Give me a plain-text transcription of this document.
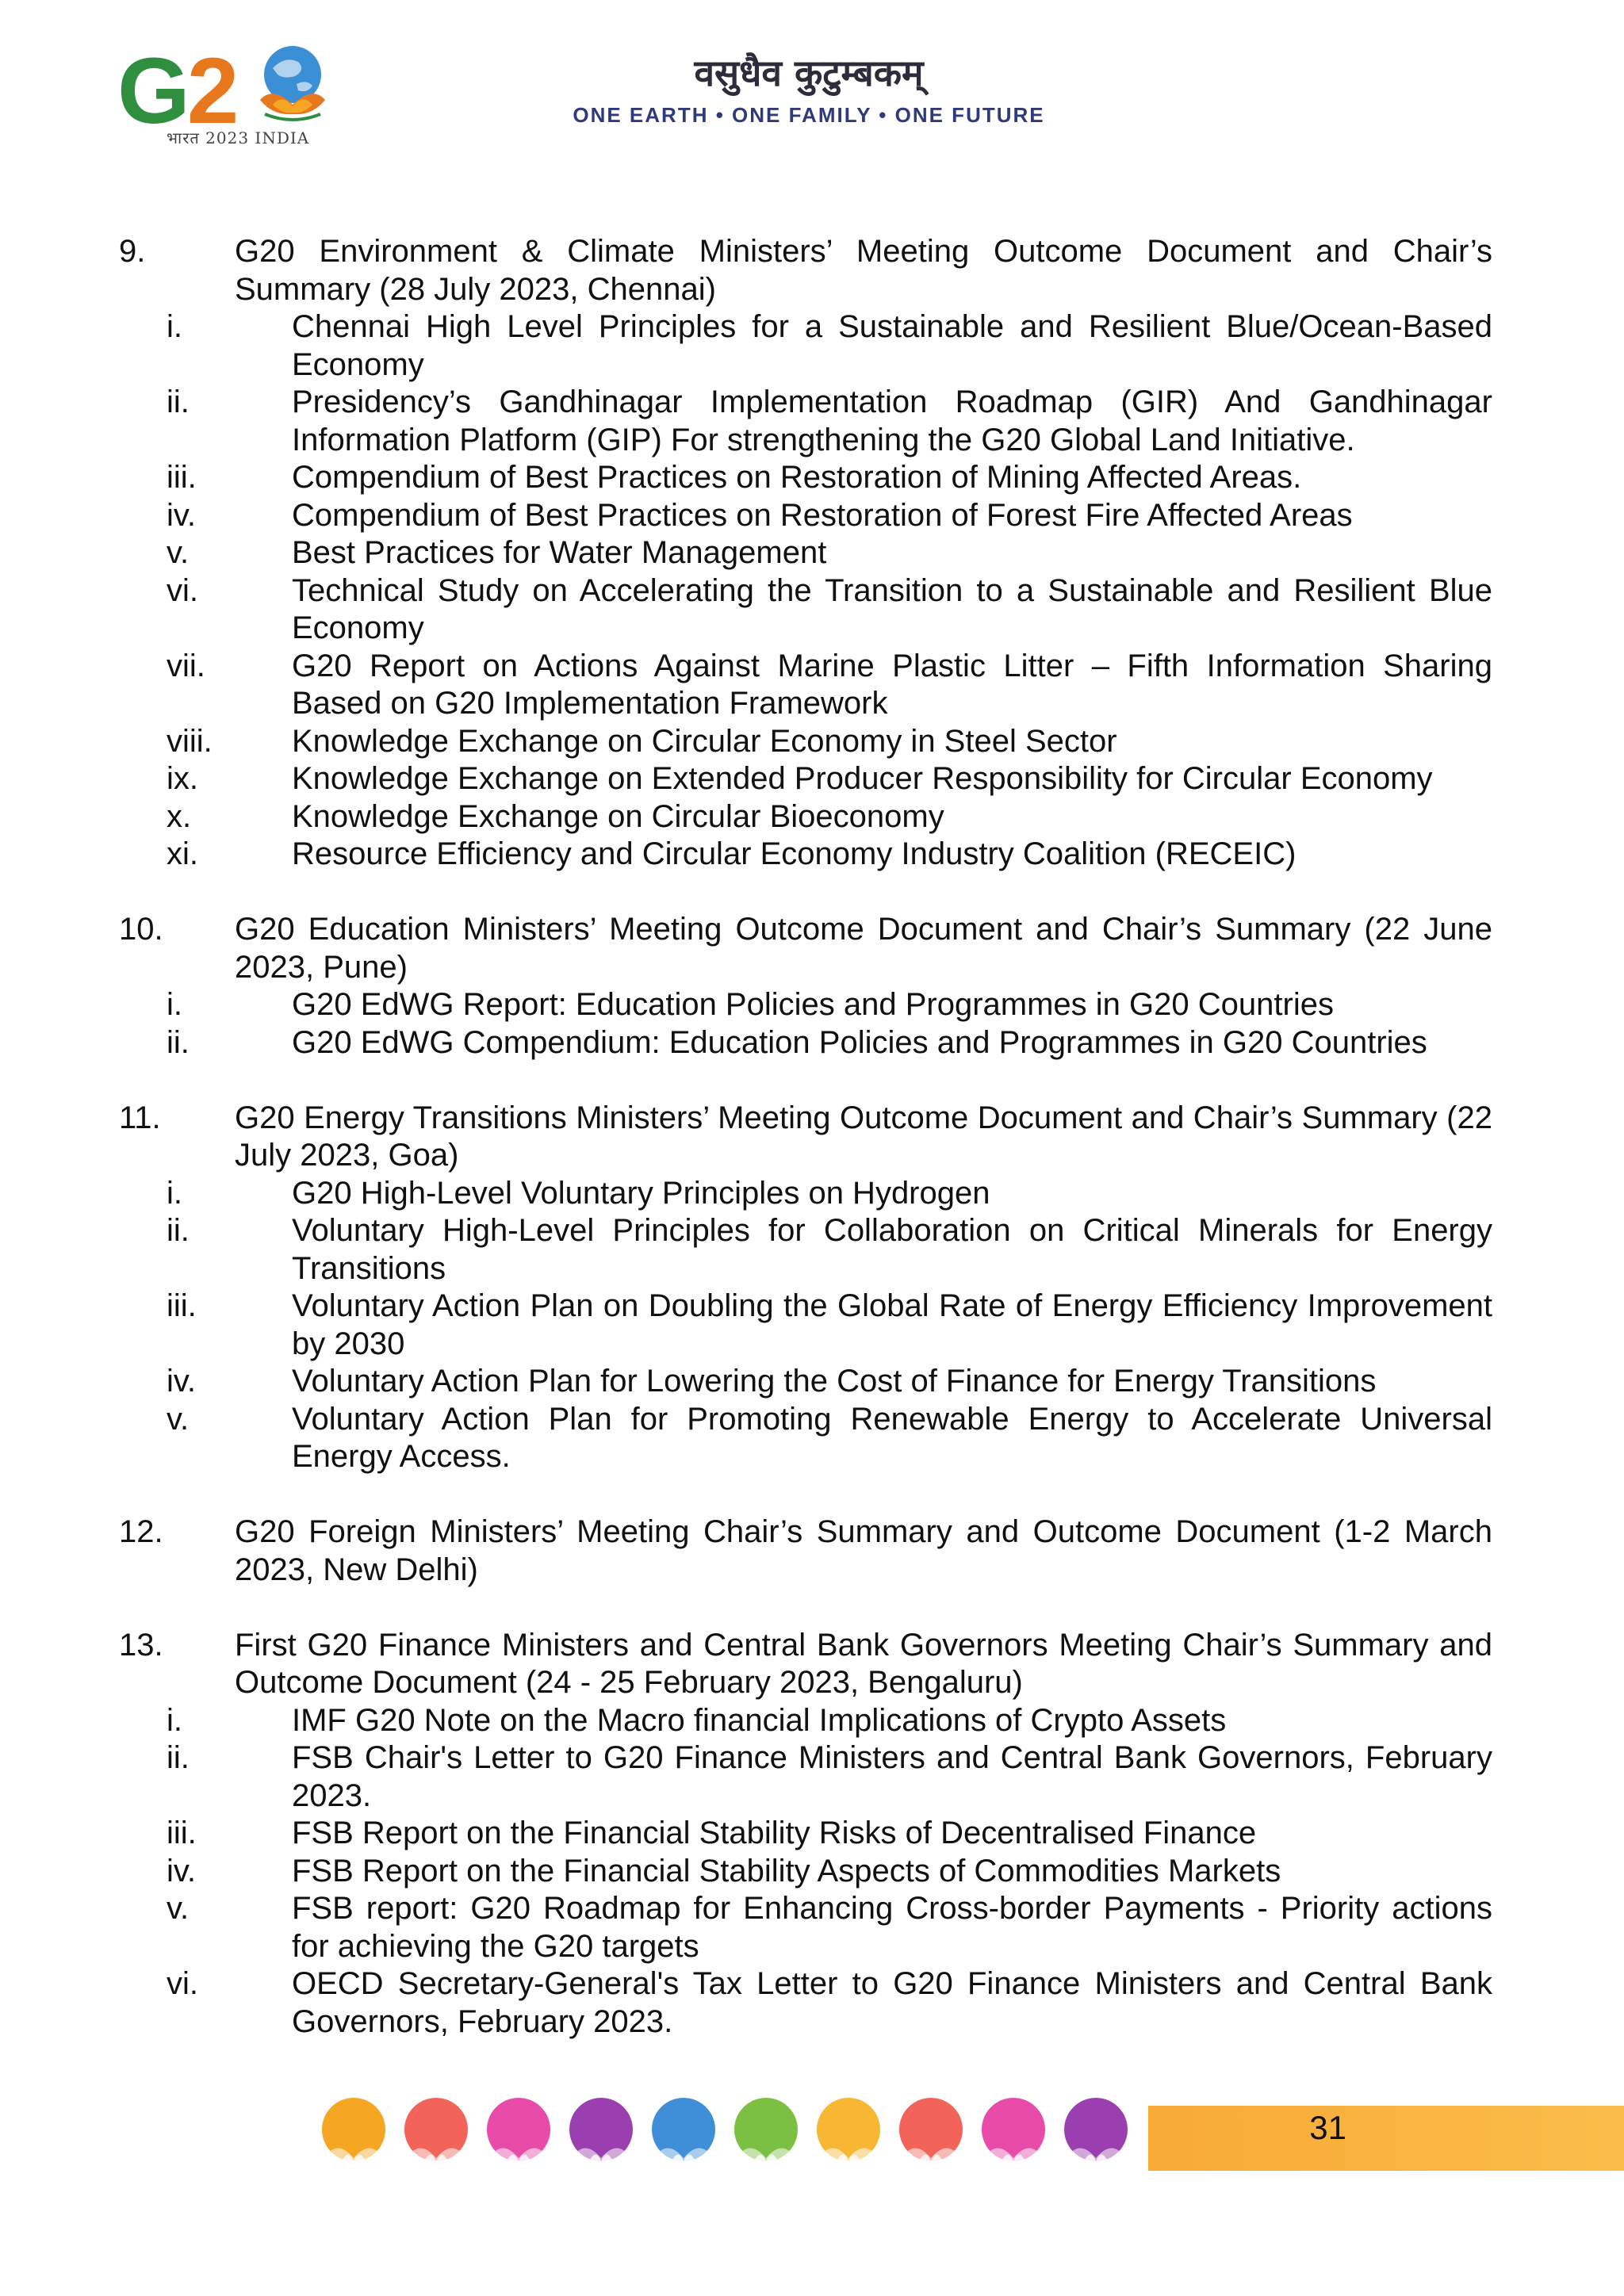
G2
भारत 2023 INDIA
वसुधैव कुटुम्बकम्
ONE EARTH • ONE FAMILY • ONE FUTURE
9.	G20 Environment & Climate Ministers’ Meeting Outcome Document and Chair’s Summary (28 July 2023, Chennai)
i.	Chennai High Level Principles for a Sustainable and Resilient Blue/Ocean-Based Economy
ii.	Presidency’s Gandhinagar Implementation Roadmap (GIR) And Gandhinagar Information Platform (GIP) For strengthening the G20 Global Land Initiative.
iii.	Compendium of Best Practices on Restoration of Mining Affected Areas.
iv.	Compendium of Best Practices on Restoration of Forest Fire Affected Areas
v.	Best Practices for Water Management
vi.	Technical Study on Accelerating the Transition to a Sustainable and Resilient Blue Economy
vii.	G20 Report on Actions Against Marine Plastic Litter – Fifth Information Sharing Based on G20 Implementation Framework
viii.	Knowledge Exchange on Circular Economy in Steel Sector
ix.	Knowledge Exchange on Extended Producer Responsibility for Circular Economy
x.	Knowledge Exchange on Circular Bioeconomy
xi.	Resource Efficiency and Circular Economy Industry Coalition (RECEIC)
10.	G20 Education Ministers’ Meeting Outcome Document and Chair’s Summary (22 June 2023, Pune)
i.	G20 EdWG Report: Education Policies and Programmes in G20 Countries
ii.	G20 EdWG Compendium: Education Policies and Programmes in G20 Countries
11.	G20 Energy Transitions Ministers’ Meeting Outcome Document and Chair’s Summary (22 July 2023, Goa)
i.	G20 High-Level Voluntary Principles on Hydrogen
ii.	Voluntary High-Level Principles for Collaboration on Critical Minerals for Energy Transitions
iii.	Voluntary Action Plan on Doubling the Global Rate of Energy Efficiency Improvement by 2030
iv.	Voluntary Action Plan for Lowering the Cost of Finance for Energy Transitions
v.	Voluntary Action Plan for Promoting Renewable Energy to Accelerate Universal Energy Access.
12.	G20 Foreign Ministers’ Meeting Chair’s Summary and Outcome Document (1-2 March 2023, New Delhi)
13.	First G20 Finance Ministers and Central Bank Governors Meeting Chair’s Summary and Outcome Document (24 - 25 February 2023, Bengaluru)
i.	IMF G20 Note on the Macro financial Implications of Crypto Assets
ii.	FSB Chair's Letter to G20 Finance Ministers and Central Bank Governors, February 2023.
iii.	FSB Report on the Financial Stability Risks of Decentralised Finance
iv.	FSB Report on the Financial Stability Aspects of Commodities Markets
v.	FSB report: G20 Roadmap for Enhancing Cross-border Payments - Priority actions for achieving the G20 targets
vi.	OECD Secretary-General's Tax Letter to G20 Finance Ministers and Central Bank Governors, February 2023.
31
